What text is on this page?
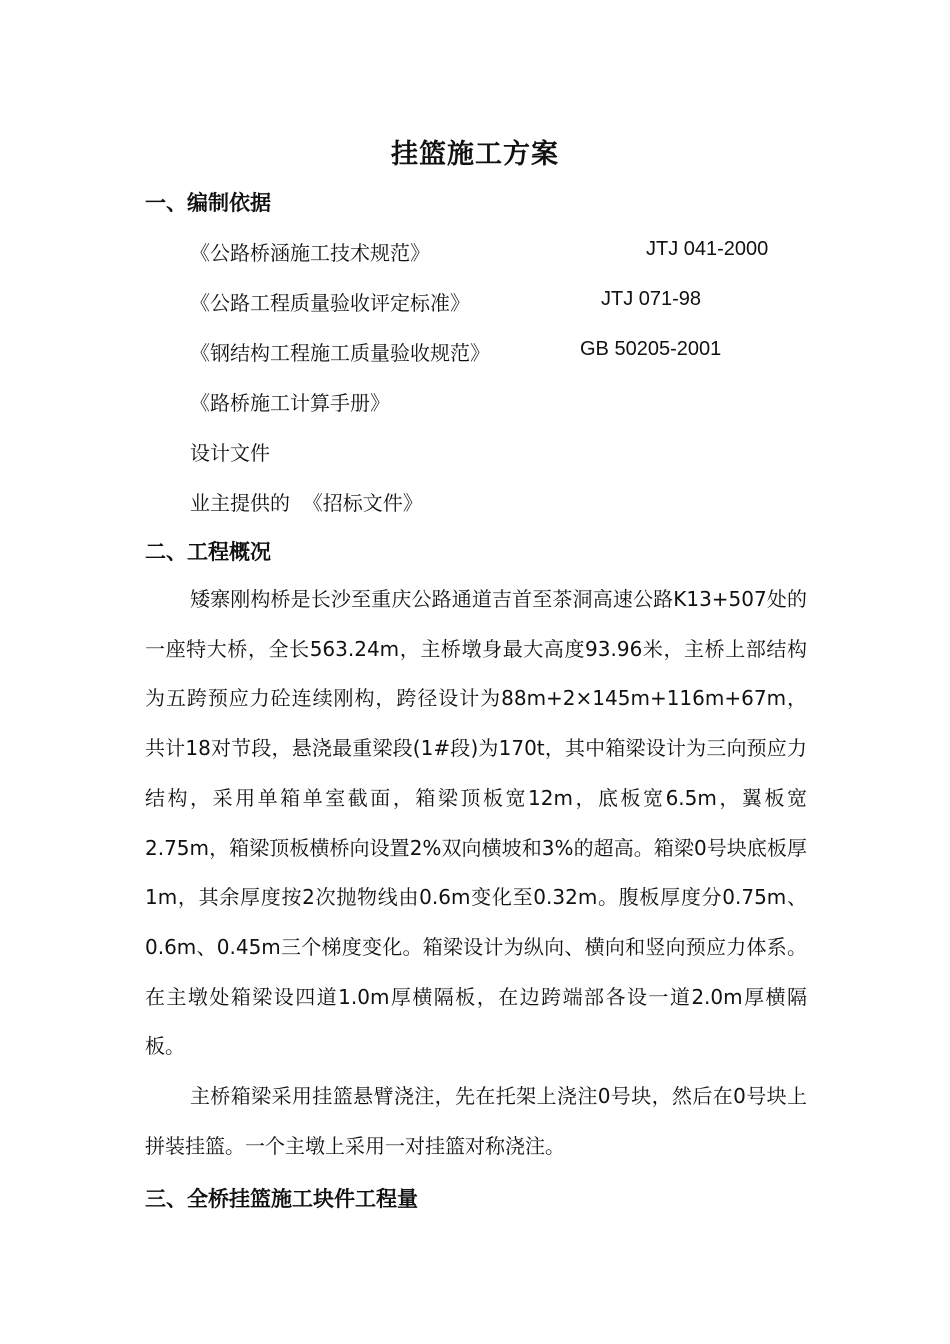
挂篮施工方案
一、编制依据
《公路桥涵施工技术规范》	JTJ 041-2000
《公路工程质量验收评定标准》	JTJ 071-98
《钢结构工程施工质量验收规范》	GB 50205-2001
《路桥施工计算手册》
设计文件
业主提供的  《招标文件》
二、工程概况

矮寨刚构桥是长沙至重庆公路通道吉首至茶洞高速公路K13+507处的一座特大桥，全长563.24m，主桥墩身最大高度93.96米，主桥上部结构为五跨预应力砼连续刚构，跨径设计为88m+2×145m+116m+67m，共计18对节段，悬浇最重梁段(1#段)为170t，其中箱梁设计为三向预应力结构，采用单箱单室截面，箱梁顶板宽12m，底板宽6.5m，翼板宽2.75m，箱梁顶板横桥向设置2%双向横坡和3%的超高。箱梁0号块底板厚1m，其余厚度按2次抛物线由0.6m变化至0.32m。腹板厚度分0.75m、0.6m、0.45m三个梯度变化。箱梁设计为纵向、横向和竖向预应力体系。在主墩处箱梁设四道1.0m厚横隔板，在边跨端部各设一道2.0m厚横隔板。

主桥箱梁采用挂篮悬臂浇注，先在托架上浇注0号块，然后在0号块上拼装挂篮。一个主墩上采用一对挂篮对称浇注。

三、全桥挂篮施工块件工程量
